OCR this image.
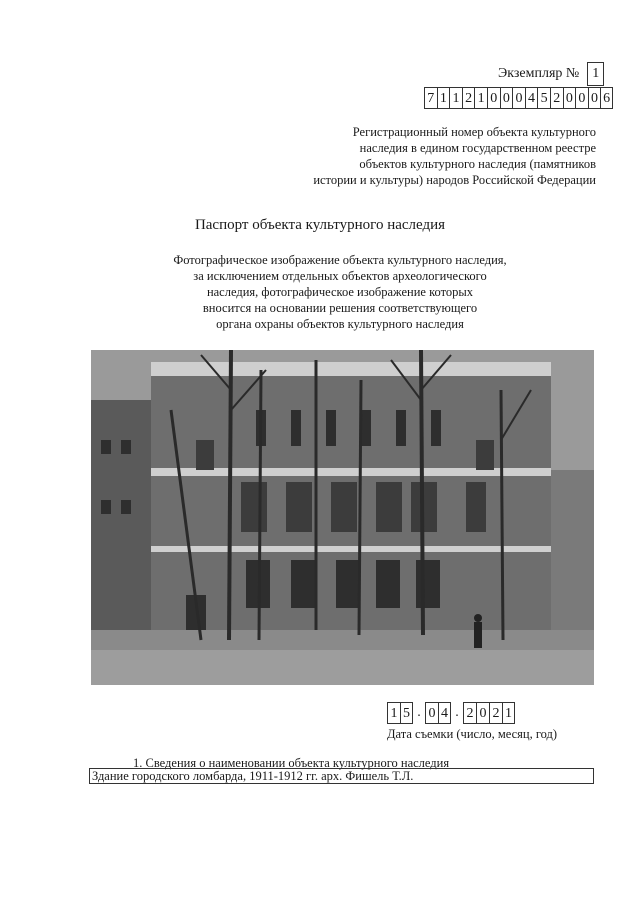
Экземпляр № 1
7 1 1 2 1 0 0 0 4 5 2 0 0 0 6
Регистрационный номер объекта культурного
наследия в едином государственном реестре
объектов культурного наследия (памятников
истории и культуры) народов Российской Федерации
Паспорт объекта культурного наследия
Фотографическое изображение объекта культурного наследия,
за исключением отдельных объектов археологического
наследия, фотографическое изображение которых
вносится на основании решения соответствующего
органа охраны объектов культурного наследия
1 5 . 0 4 . 2 0 2 1
Дата съемки (число, месяц, год)
1. Сведения о наименовании объекта культурного наследия
Здание городского ломбарда, 1911-1912 гг. арх. Фишель Т.Л.
